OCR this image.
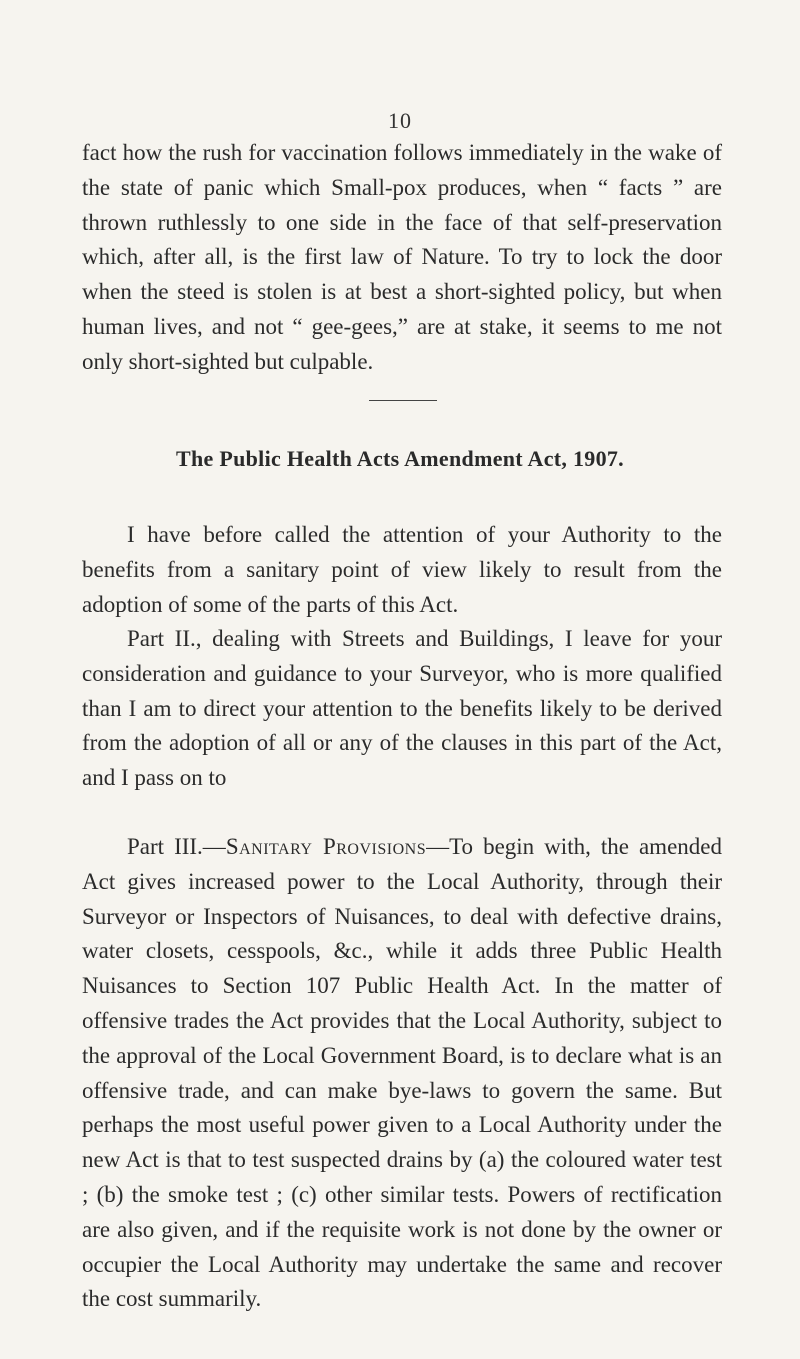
10
fact how the rush for vaccination follows immediately in the wake of the state of panic which Small-pox produces, when “ facts ” are thrown ruthlessly to one side in the face of that self-preservation which, after all, is the first law of Nature. To try to lock the door when the steed is stolen is at best a short-sighted policy, but when human lives, and not “ gee-gees,” are at stake, it seems to me not only short-sighted but culpable.
The Public Health Acts Amendment Act, 1907.
I have before called the attention of your Authority to the benefits from a sanitary point of view likely to result from the adoption of some of the parts of this Act.
Part II., dealing with Streets and Buildings, I leave for your consideration and guidance to your Surveyor, who is more qualified than I am to direct your attention to the benefits likely to be derived from the adoption of all or any of the clauses in this part of the Act, and I pass on to
Part III.—Sanitary Provisions—To begin with, the amended Act gives increased power to the Local Authority, through their Surveyor or Inspectors of Nuisances, to deal with defective drains, water closets, cesspools, &c., while it adds three Public Health Nuisances to Section 107 Public Health Act. In the matter of offensive trades the Act provides that the Local Authority, subject to the approval of the Local Government Board, is to declare what is an offensive trade, and can make bye-laws to govern the same. But perhaps the most useful power given to a Local Authority under the new Act is that to test suspected drains by (a) the coloured water test ; (b) the smoke test ; (c) other similar tests. Powers of rectification are also given, and if the requisite work is not done by the owner or occupier the Local Authority may undertake the same and recover the cost summarily.
